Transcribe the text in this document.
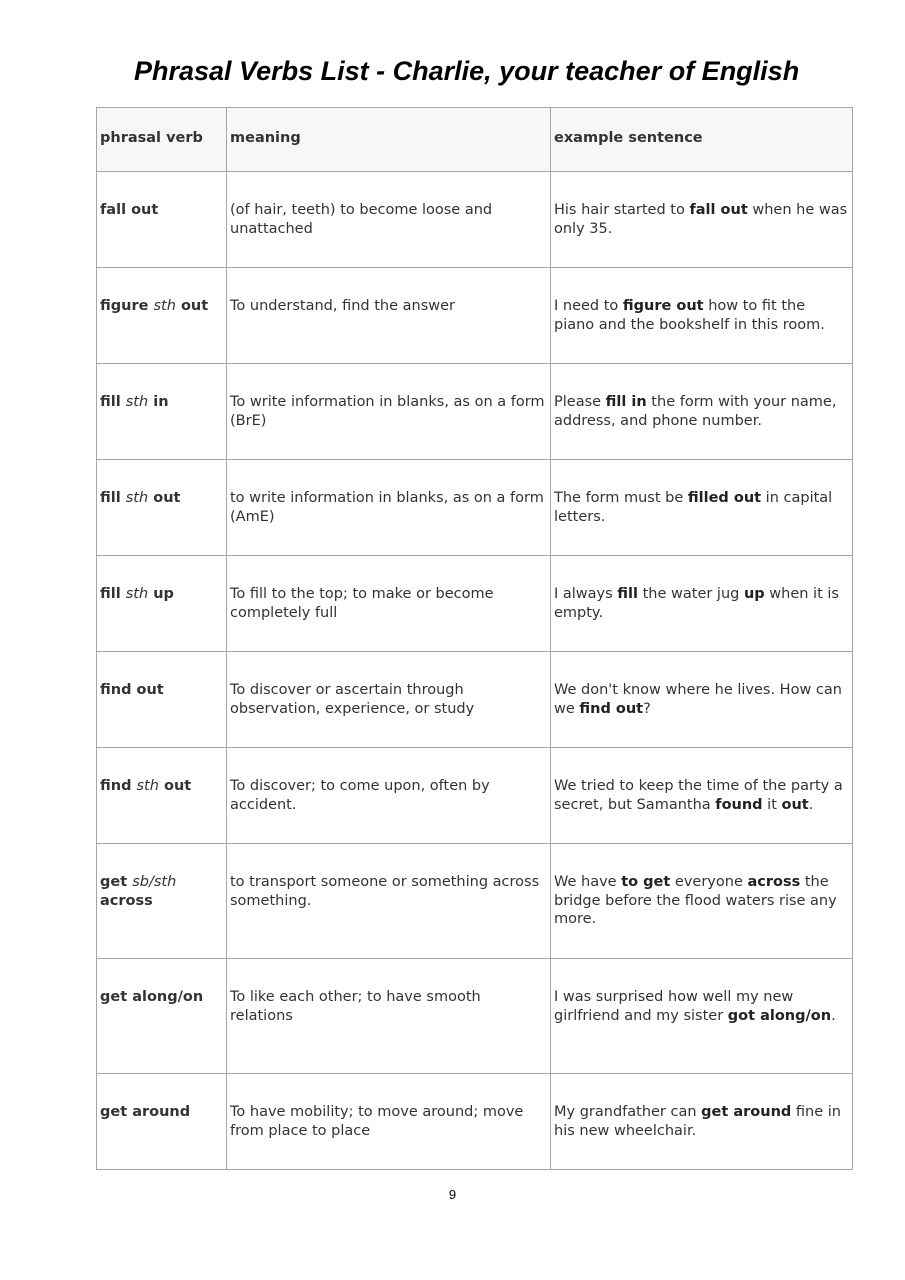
Phrasal Verbs List - Charlie, your teacher of English
phrasal verb	meaning	example sentence

fall out	(of hair, teeth) to become loose and unattached	His hair started to fall out when he was only 35.

figure sth out	To understand, find the answer	I need to figure out how to fit the piano and the bookshelf in this room.

fill sth in	To write information in blanks, as on a form (BrE)	Please fill in the form with your name, address, and phone number.

fill sth out	to write information in blanks, as on a form (AmE)	The form must be filled out in capital letters.

fill sth up	To fill to the top; to make or become completely full	I always fill the water jug up when it is empty.

find out	To discover or ascertain through observation, experience, or study	We don't know where he lives. How can we find out?

find sth out	To discover; to come upon, often by accident.	We tried to keep the time of the party a secret, but Samantha found it out.

get sb/sth across	to transport someone or something across something.	We have to get everyone across the bridge before the flood waters rise any more.

get along/on	To like each other; to have smooth relations	I was surprised how well my new girlfriend and my sister got along/on.

get around	To have mobility; to move around; move from place to place	My grandfather can get around fine in his new wheelchair.
9
